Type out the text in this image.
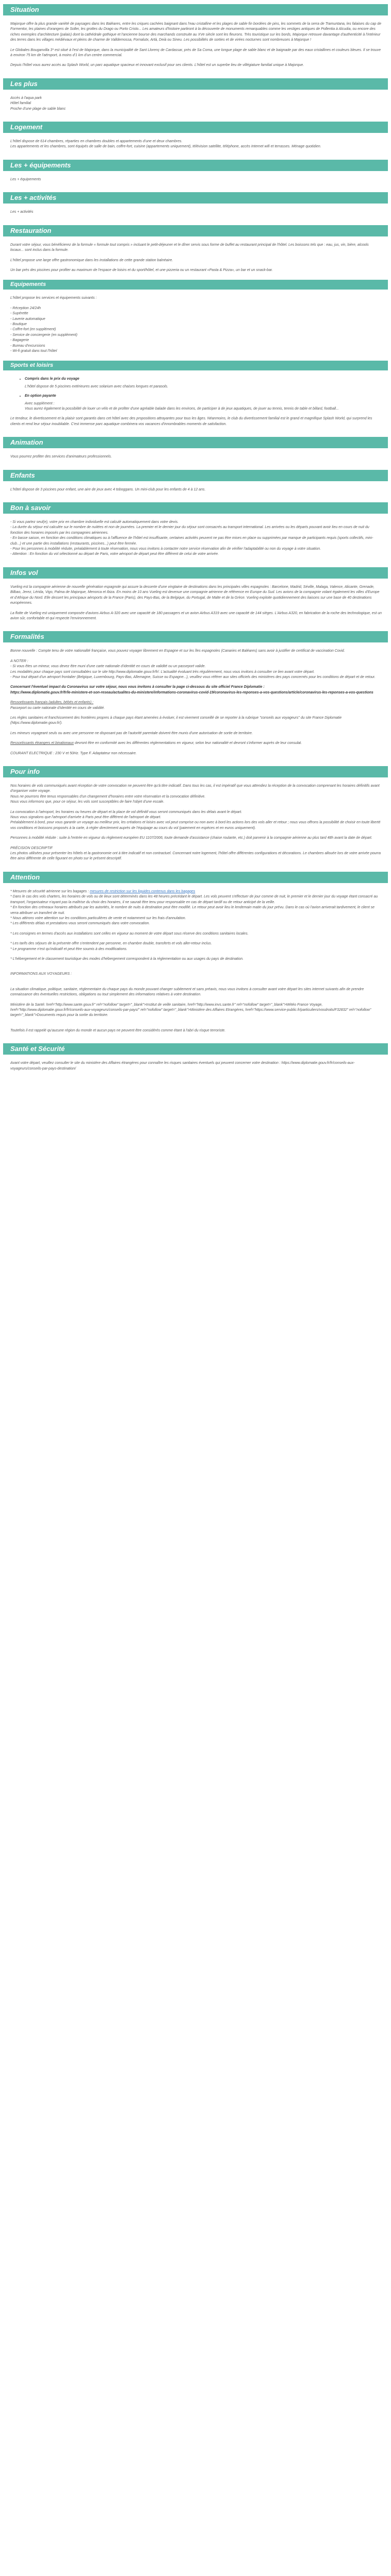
Situation

Majorque offre la plus grande variété de paysages dans les Baléares, entre les criques cachées baignant dans l'eau cristalline et les plages de sable fin bordées de pins, les sommets de la serra de Tramuntana, les falaises du cap de Formentor, les plaines d'orangers de Soller, les grottes du Drago ou Porto Cristo... Les amateurs d'histoire partiront à la découverte de monuments remarquables comme les vestiges antiques de Pollentia à Alcudia, ou encore des riches exemples d'architecture (palais) dont la cathédrale gothique et l'ancienne bourse des marchands construite au XVe siècle sont les fleurons. Très touristique sur les bords, Majorque retrouve davantage d'authenticité à l'intérieur des terres dans les villages médiévaux et pleins de charme de Valldemossa, Fornalutx, Artà, Deià ou Sineu. Les possibilités de sorties et de virées nocturnes sont nombreuses à Majorque !

Le Globales Bouganvilla 3* est situé à l'est de Majorque, dans la municipalité de Sant Llorenç de Cardassar, près de Sa Coma, une longue plage de sable blanc et de baignade par des eaux cristallines et couleurs bleues. Il se trouve à environ 75 km de l'aéroport, à moins d'1 km d'un centre commercial.

Depuis l'hôtel vous aurez accès au Splash World, un parc aquatique spacieux et innovant exclusif pour ses clients. L'hôtel est un superbe lieu de villégiature familial unique à Majorque.

Les plus

Accès à l'aqua park
Hôtel familial
Proche d'une plage de sable blanc

Logement

L'hôtel dispose de 614 chambres, réparties en chambres doubles et appartements d'une et deux chambres.
Les appartements et les chambres, sont équipés de salle de bain, coffre-fort, cuisine (appartements uniquement), télévision satellite, téléphone, accès Internet wifi et terrasses. Ménage quotidien.

Les + équipements

Les + équipements

Les + activités

Les + activités

Restauration

Durant votre séjour, vous bénéficierez de la formule « formule tout compris » incluant le petit-déjeuner et le dîner servis sous forme de buffet au restaurant principal de l'hôtel. Les boissons tels que : eau, jus, vin, bière, alcools locaux... sont inclus dans la formule.

L'hôtel propose une large offre gastronomique dans les installations de cette grande station balnéaire.

Un bar près des piscines pour profiter au maximum de l'espace de loisirs et du sport/hôtel, et une pizzeria ou un restaurant «Pasta & Pizza», un bar et un snack-bar.

Equipements

L'hôtel propose les services et équipements suivants :

- Réception 24/24h
- Supérette
- Laverie automatique
- Boutique
- Coffre-fort (en supplément)
- Service de conciergerie (en supplément)
- Bagagerie
- Bureau d'excursions
- Wi-fi gratuit dans tout l'hôtel

Sports et loisirs
• Compris dans le prix du voyage

L'hôtel dispose de 5 piscines extérieures avec solarium avec chaises longues et parasols.

• En option payante

Avec supplément :
Vous aurez également la possibilité de louer un vélo et de profiter d'une agréable balade dans les environs, de participer à de jeux aquatiques, de jouer au tennis, tennis de table et billard, football...

Le tendeur, le divertissement et la plaisir sont garantis dans cet hôtel avec des propositions attrayantes pour tous les âges. Néanmoins, le club du divertissement familial est le grand et magnifique Splash World, qui surprend les clients et rend leur séjour inoubliable. C'est immense parc aquatique combinera vos vacances d'innombrables moments de satisfaction.

Animation

Vous pourrez profiter des services d'animateurs professionnels.

Enfants

L'hôtel dispose de 3 piscines pour enfant, une aire de jeux avec 4 toboggans. Un mini-club pour les enfants de 4 à 12 ans.

Bon à savoir

- Si vous partez seul(e), votre prix en chambre individuelle est calculé automatiquement dans votre devis.
- La durée du séjour est calculée sur le nombre de nuitées et non de journées. La premier et le dernier jour du séjour sont consacrés au transport international. Les arrivées ou les départs pouvant avoir lieu en cours de nuit du fonction des horaires imposés par les compagnies aériennes.
- En basse saison, en fonction des conditions climatiques ou à l'affluence de l'hôtel est insuffisante, certaines activités peuvent ne pas être mises en place ou supprimées par manque de participants requis (sports collectifs, mini-club...) et une partie des installations (restaurants, piscines...) peut être fermée.
- Pour les personnes à mobilité réduite, préalablement à toute réservation, nous vous invitons à contacter notre service réservation afin de vérifier l'adaptabilité ou non du voyage à votre situation.
- Attention : En fonction du vol sélectionné au départ de Paris, votre aéroport de départ peut être différent de celui de votre arrivée.

Infos vol

Vueling est la compagnie aérienne de nouvelle génération espagnole qui assure la desserte d'une vingtaine de destinations dans les principales villes espagnoles : Barcelone, Madrid, Séville, Malaga, Valence, Alicante, Grenade, Bilbao, Jerez, Lérida, Vigo, Palma de Majorque, Menorca et Ibiza. En moins de 10 ans Vueling est devenue une compagnie aérienne de référence en Europe du Sud. Les avions de la compagnie volant également les villes d'Europe et d'Afrique du Nord. Elle dessert les principaux aéroports de la France (Paris), des Pays-Bas, de la Belgique, du Portugal, de Malte et de la Grèce. Vueling exploite quotidiennement des liaisons sur une base de 40 destinations européennes.

La flotte de Vueling est uniquement composée d'avions Airbus A-320 avec une capacité de 180 passagers et un avion Airbus A319 avec une capacité de 144 sièges. L'Airbus A320, en fabrication de la roche des technologique, est un avion sûr, confortable et qui respecte l'environnement.

Formalités

Bonne nouvelle : Compte tenu de votre nationalité française, vous pouvez voyager librement en Espagne et sur les îles espagnoles (Canaries et Baléares) sans avoir à justifier de certificat de vaccination Covid.

A NOTER :
- Si vous êtes un mineur, vous devez être muni d'une carte nationale d'identité en cours de validité ou un passeport valide.
Les modalités pour chaque pays sont consultables sur le site http://www.diplomatie.gouv.fr/fr/. L'actualité évoluant très régulièrement, nous vous invitons à consulter ce lien avant votre départ.
- Pour tout départ d'un aéroport frontalier (Belgique, Luxembourg, Pays-Bas, Allemagne, Suisse ou Espagne...), veuillez vous référer aux sites officiels des ministères des pays concernés pour les conditions de départ et de retour.

Concernant l'éventuel impact du Coronavirus sur votre séjour, nous vous invitons à consulter la page ci-dessous du site officiel France Diplomatie :
https://www.diplomatie.gouv.fr/fr/le-ministere-et-son-reseau/actualites-du-ministere/informations-coronavirus-covid-19/coronavirus-les-reponses-a-vos-questions/article/coronavirus-les-reponses-a-vos-questions

Ressortissants français (adultes, bébés et enfants) :
Passeport ou carte nationale d'identité en cours de validité.

Les règles sanitaires et franchissement des frontières propres à chaque pays étant amenées à évoluer, il est vivement conseillé de se reporter à la rubrique "conseils aux voyageurs" du site France Diplomatie (https://www.diplomatie.gouv.fr/).

Les mineurs voyageant seuls ou avec une personne ne disposant pas de l'autorité parentale doivent être munis d'une autorisation de sortie de territoire.

Ressortissants étrangers et binationaux devront être en conformité avec les différentes réglementations en vigueur, selon leur nationalité et devront s'informer auprès de leur consulat.

COURANT ELECTRIQUE : 230 V et 50Hz. Type F. Adaptateur non nécessaire.

Pour info

Nos horaires de vols communiqués avant réception de votre convocation ne peuvent être qu'à titre indicatif. Dans tous les cas, il est impératif que vous attendiez la réception de la convocation comprenant les horaires définitifs avant d'organiser votre voyage.
Nous ne pourrons être tenus responsables d'un changement d'horaires entre votre réservation et la convocation définitive.
Nous vous informons que, pour ce séjour, les vols sont susceptibles de faire l'objet d'une escale.

La convocation à l'aéroport, les horaires ou heures de départ et la place de vol définitif vous seront communiqués dans les délais avant le départ.
Nous vous signalons que l'aéroport d'arrivée à Paris peut être différent de l'aéroport de départ.
Préalablement à bord, pour vous garantir un voyage au meilleur prix, les créations et loisirs avec vol peut comprise ou non avec à bord les actions lors des vols aller et retour ; nous vous offrons la possibilité de choisir en toute liberté vos conditions et boissons proposés à la carte, à régler directement auprès de l'équipage au cours du vol (paiement en espèces et en euros uniquement).

Personnes à mobilité réduite : suite à l'entrée en vigueur du règlement européen EU 1107/2006, toute demande d'assistance (chaise roulante, etc.) doit parvenir à la compagnie aérienne au plus tard 48h avant la date de départ.

PRÉCISION DESCRIPTIF
Les photos utilisées pour présenter les hôtels et la gastronomie ont à titre indicatif et non contractuel. Concernant notre logement, l'hôtel offre différentes configurations et décorations. Le chambres allouée lors de votre arrivée pourra être ainsi différente de celle figurant en photo sur le présent descriptif.

Attention

* Mesures de sécurité aérienne sur les bagages : mesures de restriction sur les liquides contenus dans les bagages
* Dans le cas des vols charters, les horaires de vols ou de lieux sont déterminés dans les 48 heures précédant le départ. Les vols peuvent s'effectuer de jour comme de nuit, le premier et le dernier jour du voyage étant consacré au transport, l'organisateur n'ayant pas la maîtrise du choix des horaires, il ne saurait être tenu pour responsable en cas de départ tardif ou de retour anticipé de la veille.
* En fonction des créneaux horaires attribués par les autorités, le nombre de nuits à destination peut être modifié. Le retour peut avoir lieu le lendemain matin du jour prévu. Dans le cas où l'avion arriverait tardivement, le client se verra attribuer un transfert de nuit.
* Nous attirons votre attention sur les conditions particulières de vente et notamment sur les frais d'annulation.
* Les différents délais et prestations vous seront communiqués dans votre convocation.

* Les consignes en termes d'accès aux installations sont celles en vigueur au moment de votre départ sous réserve des conditions sanitaires locales.

* Les tarifs des séjours de la présente offre s'entendent par personne, en chambre double, transferts et vols aller-retour inclus.
* Le programme n'est qu'indicatif et peut être soumis à des modifications.

* L'hébergement et le classement touristique des modes d'hébergement correspondent à la réglementation ou aux usages du pays de destination.

INFORMATIONS AUX VOYAGEURS :

La situation climatique, politique, sanitaire, réglementaire du chaque pays du monde pouvant changer subitement et sans préavis, nous vous invitons à consulter avant votre départ les sites internet suivants afin de prendre connaissance des éventuelles restrictions, obligations ou tout simplement des informations relatives à votre destination.

Ministère de la Santé: href="http://www.sante.gouv.fr" rel="nofollow" target="_blank">Institut de veille sanitaire, href="http://www.invs.sante.fr" rel="nofollow" target="_blank">Météo France Voyage, href="http://www.diplomatie.gouv.fr/fr/conseils-aux-voyageurs/conseils-par-pays/" rel="nofollow" target="_blank">Ministère des Affaires Etrangères, href="https://www.service-public.fr/particuliers/vosdroits/F32832" rel="nofollow" target="_blank">Documents requis pour la sortie du territoire.

Toutefois il est rappelé qu'aucune région du monde et aucun pays ne peuvent être considérés comme étant à l'abri du risque terroriste.

Santé et Sécurité

Avant votre départ, veuillez consulter le site du ministère des Affaires étrangères pour connaître les risques sanitaires éventuels qui peuvent concerner votre destination : https://www.diplomatie.gouv.fr/fr/conseils-aux-voyageurs/conseils-par-pays-destination/
